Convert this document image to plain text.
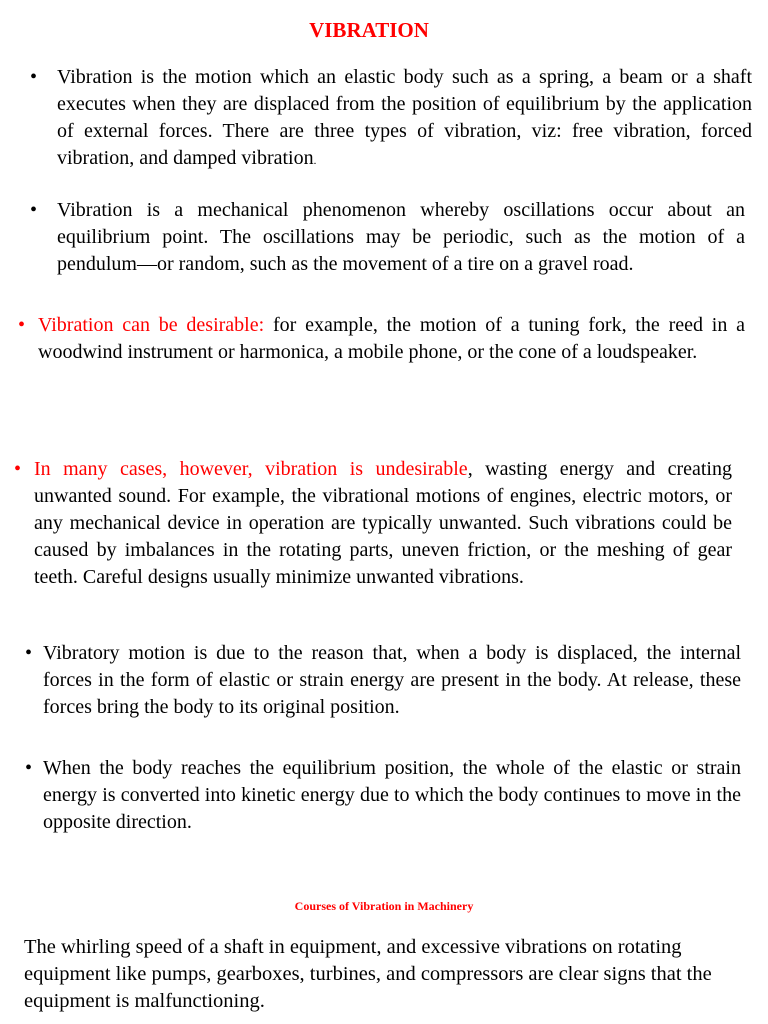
VIBRATION
• Vibration is the motion which an elastic body such as a spring, a beam or a shaft executes when they are displaced from the position of equilibrium by the application of external forces. There are three types of vibration, viz: free vibration, forced vibration, and damped vibration.
• Vibration is a mechanical phenomenon whereby oscillations occur about an equilibrium point. The oscillations may be periodic, such as the motion of a pendulum—or random, such as the movement of a tire on a gravel road.
• Vibration can be desirable: for example, the motion of a tuning fork, the reed in a woodwind instrument or harmonica, a mobile phone, or the cone of a loudspeaker.
• In many cases, however, vibration is undesirable, wasting energy and creating unwanted sound. For example, the vibrational motions of engines, electric motors, or any mechanical device in operation are typically unwanted. Such vibrations could be caused by imbalances in the rotating parts, uneven friction, or the meshing of gear teeth. Careful designs usually minimize unwanted vibrations.
• Vibratory motion is due to the reason that, when a body is displaced, the internal forces in the form of elastic or strain energy are present in the body. At release, these forces bring the body to its original position.
• When the body reaches the equilibrium position, the whole of the elastic or strain energy is converted into kinetic energy due to which the body continues to move in the opposite direction.
Courses of Vibration in Machinery
The whirling speed of a shaft in equipment, and excessive vibrations on rotating equipment like pumps, gearboxes, turbines, and compressors are clear signs that the equipment is malfunctioning.
